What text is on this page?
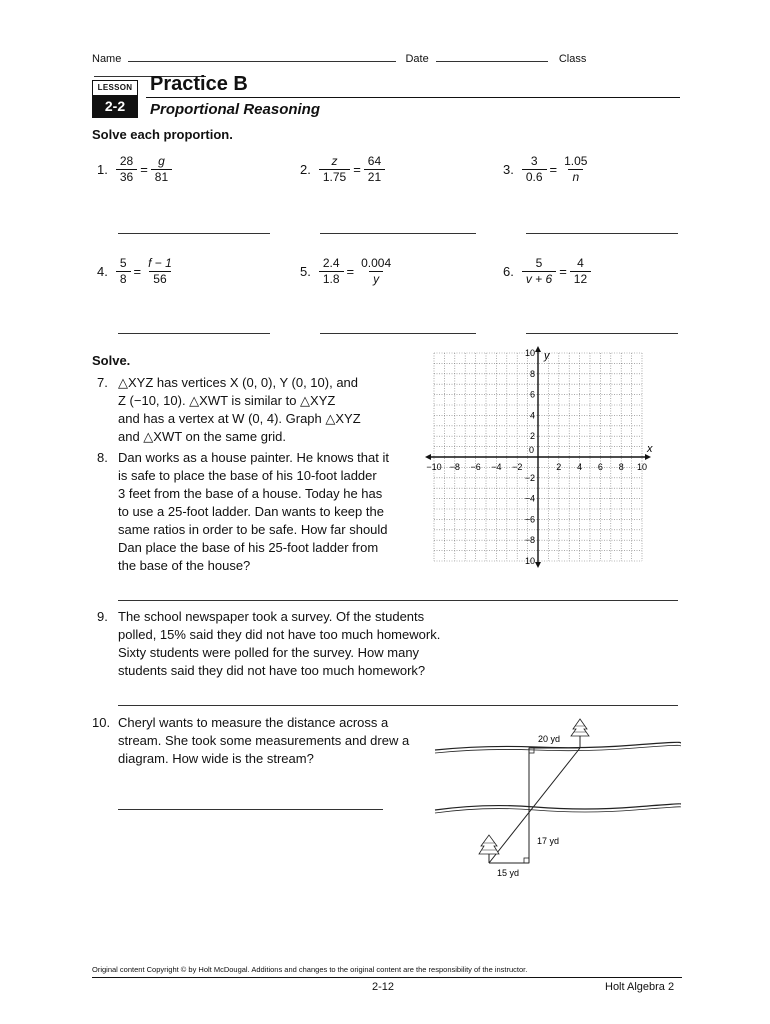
Name	Date	Class
LESSON
2-2
Practice B
Proportional Reasoning
Solve each proportion.
1. $\frac{28}{36} = \frac{g}{81}$	2. $\frac{z}{1.75} = \frac{64}{21}$	3. $\frac{3}{0.6} = \frac{1.05}{n}$
4. $\frac{5}{8} = \frac{f - 1}{56}$	5. $\frac{2.4}{1.8} = \frac{0.004}{y}$	6. $\frac{5}{v + 6} = \frac{4}{12}$
Solve.
7. △XYZ has vertices X (0, 0), Y (0, 10), and
Z (−10, 10). △XWT is similar to △XYZ
and has a vertex at W (0, 4). Graph △XYZ
and △XWT on the same grid.
8. Dan works as a house painter. He knows that it
is safe to place the base of his 10-foot ladder
3 feet from the base of a house. Today he has
to use a 25-foot ladder. Dan wants to keep the
same ratios in order to be safe. How far should
Dan place the base of his 25-foot ladder from
the base of the house?
−10 −8 −6 −4 −2	2 4 6 8 10
10
8
6
4
2
−2
−4
−6
−8
10
0	x
y
9. The school newspaper took a survey. Of the students
polled, 15% said they did not have too much homework.
Sixty students were polled for the survey. How many
students said they did not have too much homework?
10. Cheryl wants to measure the distance across a
stream. She took some measurements and drew a
diagram. How wide is the stream?
20 yd
17 yd
15 yd
Original content Copyright © by Holt McDougal. Additions and changes to the original content are the responsibility of the instructor.
2-12	Holt Algebra 2
